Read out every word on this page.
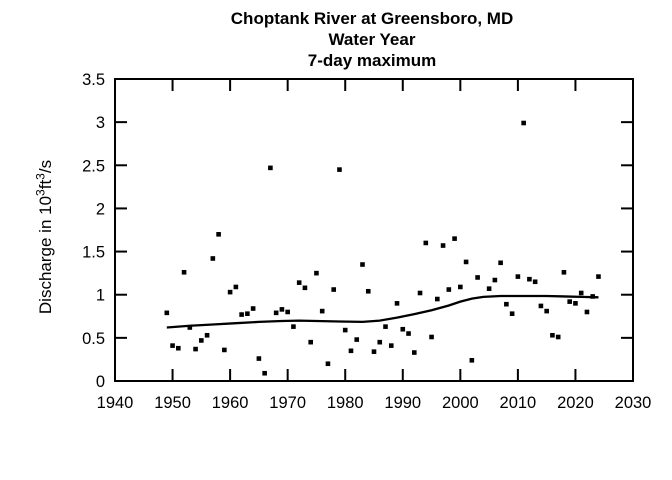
Choptank River at Greensboro, MD
Water Year
7-day maximum
Discharge in $10^3ft^3/s$
1940 1950 1960 1970 1980 1990 2000 2010 2020 2030
0
0.5
1
1.5
2
2.5
3
3.5
